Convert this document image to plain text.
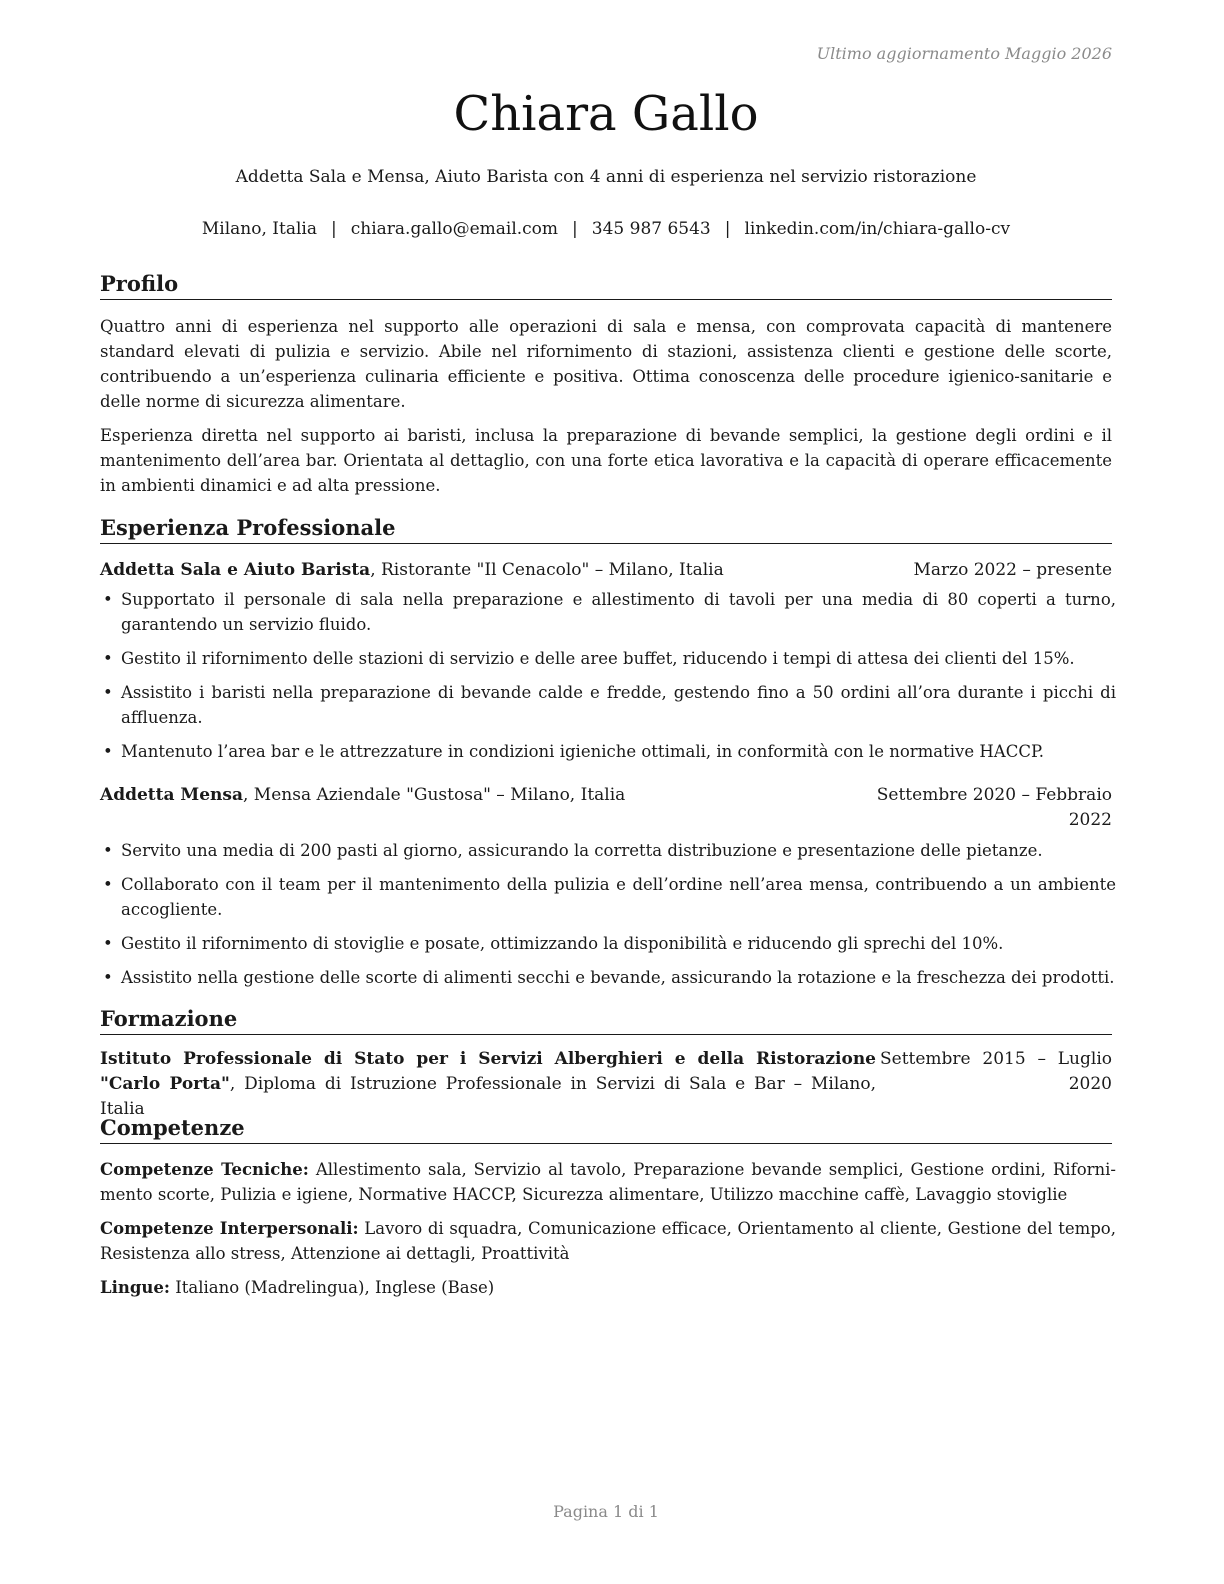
Ultimo aggiornamento Maggio 2026
Chiara Gallo
Addetta Sala e Mensa, Aiuto Barista con 4 anni di esperienza nel servizio ristorazione
Milano, Italia | chiara.gallo@email.com | 345 987 6543 | linkedin.com/in/chiara-gallo-cv
Profilo
Quattro anni di esperienza nel supporto alle operazioni di sala e mensa, con comprovata capacità di mantenere standard elevati di pulizia e servizio. Abile nel rifornimento di stazioni, assistenza clienti e gestione delle scorte, contribuendo a un’esperienza culinaria efficiente e positiva. Ottima conoscenza delle procedure igienico-sanitarie e delle norme di sicurezza alimentare.
Esperienza diretta nel supporto ai baristi, inclusa la preparazione di bevande semplici, la gestione degli ordini e il mantenimento dell’area bar. Orientata al dettaglio, con una forte etica lavorativa e la capacità di operare efficacemente in ambienti dinamici e ad alta pressione.
Esperienza Professionale
Addetta Sala e Aiuto Barista, Ristorante "Il Cenacolo" – Milano, Italia	Marzo 2022 – presente
• Supportato il personale di sala nella preparazione e allestimento di tavoli per una media di 80 coperti a turno, garantendo un servizio fluido.
• Gestito il rifornimento delle stazioni di servizio e delle aree buffet, riducendo i tempi di attesa dei clienti del 15%.
• Assistito i baristi nella preparazione di bevande calde e fredde, gestendo fino a 50 ordini all’ora durante i picchi di affluenza.
• Mantenuto l’area bar e le attrezzature in condizioni igieniche ottimali, in conformità con le normative HACCP.
Addetta Mensa, Mensa Aziendale "Gustosa" – Milano, Italia	Settembre 2020 – Febbraio
2022
• Servito una media di 200 pasti al giorno, assicurando la corretta distribuzione e presentazione delle pietanze.
• Collaborato con il team per il mantenimento della pulizia e dell’ordine nell’area mensa, contribuendo a un ambiente accogliente.
• Gestito il rifornimento di stoviglie e posate, ottimizzando la disponibilità e riducendo gli sprechi del 10%.
• Assistito nella gestione delle scorte di alimenti secchi e bevande, assicurando la rotazione e la freschezza dei prodotti.
Formazione
Istituto Professionale di Stato per i Servizi Alberghieri e della Ristorazione "Carlo Porta", Diploma di Istruzione Professionale in Servizi di Sala e Bar – Milano, Italia
Settembre 2015 – Luglio 2020
Competenze
Competenze Tecniche: Allestimento sala, Servizio al tavolo, Preparazione bevande semplici, Gestione ordini, Rifornimento scorte, Pulizia e igiene, Normative HACCP, Sicurezza alimentare, Utilizzo macchine caffè, Lavaggio stoviglie
Competenze Interpersonali: Lavoro di squadra, Comunicazione efficace, Orientamento al cliente, Gestione del tempo, Resistenza allo stress, Attenzione ai dettagli, Proattività
Lingue: Italiano (Madrelingua), Inglese (Base)
Pagina 1 di 1
